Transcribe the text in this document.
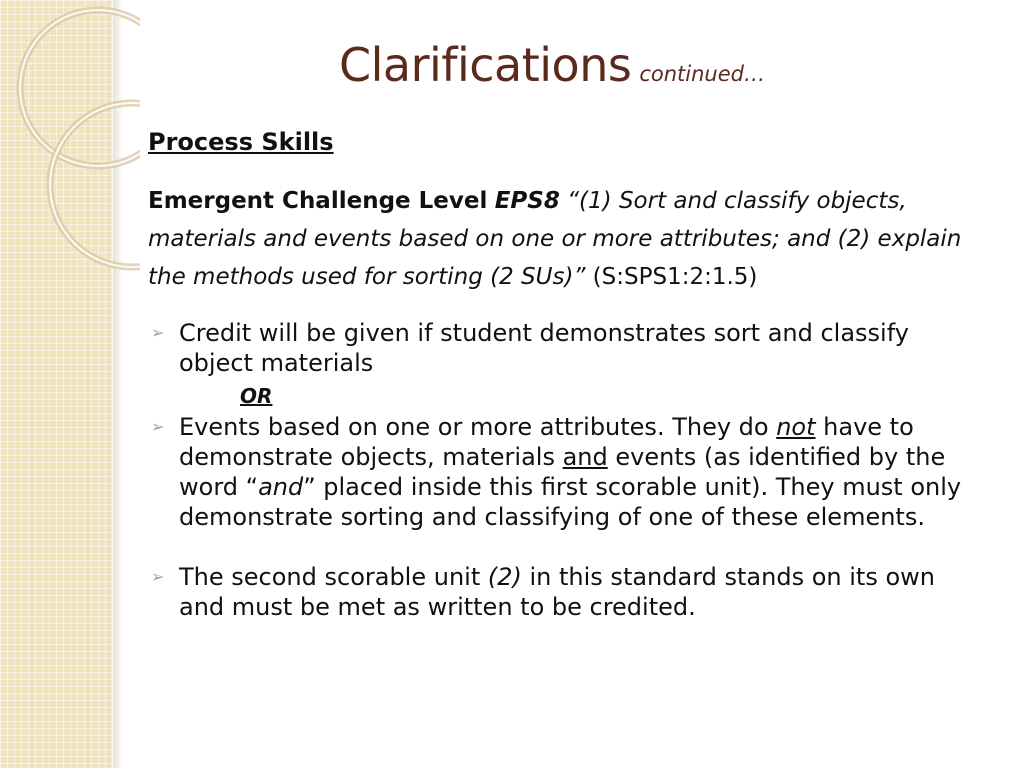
Clarifications continued…

Process Skills

Emergent Challenge Level EPS8 “(1) Sort and classify objects, materials and events based on one or more attributes; and (2) explain the methods used for sorting (2 SUs)” (S:SPS1:2:1.5)
➢ Credit will be given if student demonstrates sort and classify object materials
OR
➢ Events based on one or more attributes. They do not have to demonstrate objects, materials and events (as identified by the word “and” placed inside this first scorable unit). They must only demonstrate sorting and classifying of one of these elements.
➢ The second scorable unit (2) in this standard stands on its own and must be met as written to be credited.
